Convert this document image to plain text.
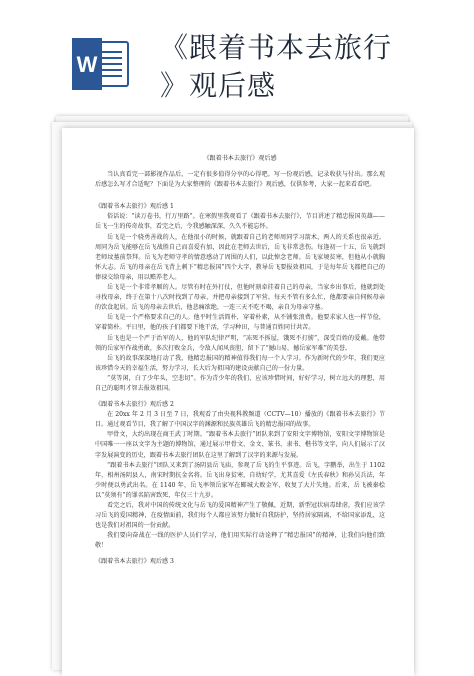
W
《跟着书本去旅行
》观后感
《跟着书本去旅行》观后感

当认真看完一部影视作品后，一定有很多值得分享的心得吧。写一份观后感，记录收获与付出。那么观后感怎么写才合适呢？下面是为大家整理的《跟着书本去旅行》观后感，仅供参考，大家一起来看看吧。

《跟着书本去旅行》观后感 1

俗话说：“读万卷书，行万里路”。在寒假里我观看了《跟着书本去旅行》，节目讲述了精忠报国英雄——岳飞一生的传奇故事，看完之后，令我感触深深，久久不能忘怀。

岳飞是一个骁勇善战的人，在他很小的时候，就跟着自己的老师周同学习箭术，两人的关系也很亲近。周同为岳飞能够在岳飞战胜自己而喜爱有加，因此在老师去世后，岳飞非常悲伤。每逢初一十五，岳飞就到老师坟墓前祭拜。岳飞为老师守孝的情意感动了周围的人们，以此悼念老师。岳飞家境贫寒，但他从小就胸怀大志。岳飞的母亲在岳飞背上刺下“精忠报国”四个大字，教导岳飞要报效祖国，于是每年岳飞都把自己的俸禄交给母亲，用以赡养老人。

岳飞是一个非常孝顺的人。尽管有时在外打仗，但他时刻牵挂着自己的母亲，当家乡出事后，他就到处寻找母亲，终于在第十八次时找到了母亲，并把母亲接到了军营。每天不管有多么忙，他都要亲自伺候母亲的饮食起居。岳飞的母亲去世后，他悲痛欲绝，一连三天不吃不喝，亲自为母亲守墓。

岳飞是一个严格要求自己的人。他平时生活简朴，穿着朴素，从不铺张浪费。他要求家人也一样节俭，穿着简朴。平日里，他的孩子们都要下地干活，学习种田，与普通百姓同甘共苦。

岳飞也是一个严于治军的人，他的军队纪律严明，“冻死不拆屋，饿死不打掳”，深受百姓的爱戴。他带领的岳家军作战勇敢，多次打败金兵，令敌人闻风丧胆，留下了“撼山易，撼岳家军难”的美誉。

岳飞的故事深深地打动了我，他精忠报国的精神值得我们每一个人学习。作为新时代的少年，我们更应该珍惜今天的幸福生活，努力学习，长大后为祖国的建设贡献自己的一份力量。

“莫等闲，白了少年头，空悲切”。作为青少年的我们，应该珍惜时间，好好学习，树立远大的理想，用自己的聪明才智去报效祖国。

《跟着书本去旅行》观后感 2

在 20xx 年 2 月 3 日至 7 日，我观看了由央视科教频道（CCTV—10）播放的《跟着书本去旅行》节目。通过观看节目，我了解了中国汉字的渊源和民族英雄岳飞的精忠报国的故事。

甲骨文，大约出现在商王武丁时期。“跟着书本去旅行”团队来到了安阳文字博物馆，安阳文字博物馆是中国唯一一座以文字为主题的博物馆，通过展示甲骨文、金文、篆书、隶书、楷书等文字，向人们展示了汉字发展演变的历史，跟着书本去旅行团队在这里了解到了汉字的来源与发展。

“跟着书本去旅行”团队又来到了汤阴县岳飞庙，参观了岳飞的生平事迹。岳飞，字鹏举，出生于 1102 年，相州汤阴县人，南宋时期抗金名将。岳飞出身贫寒，自幼好学，尤其喜爱《左氏春秋》和孙吴兵法，年少时便以勇武出名。在 1140 年，岳飞率领岳家军在郾城大败金军，收复了大片失地。后来，岳飞被秦桧以“莫须有”的罪名陷害致死，年仅三十九岁。

看完之后，我对中国的传统文化与岳飞的爱国精神产生了敬佩，近期，新型冠状病毒肆虐，我们应该学习岳飞的爱国精神，在疫情面前，我们每个人都应该努力做好自我防护，坚持居家隔离，不给国家添乱，这也是我们对祖国的一份贡献。

我们要向奋战在一线的医护人员们学习，他们用实际行动诠释了“精忠报国”的精神，让我们向他们致敬！

《跟着书本去旅行》观后感 3
